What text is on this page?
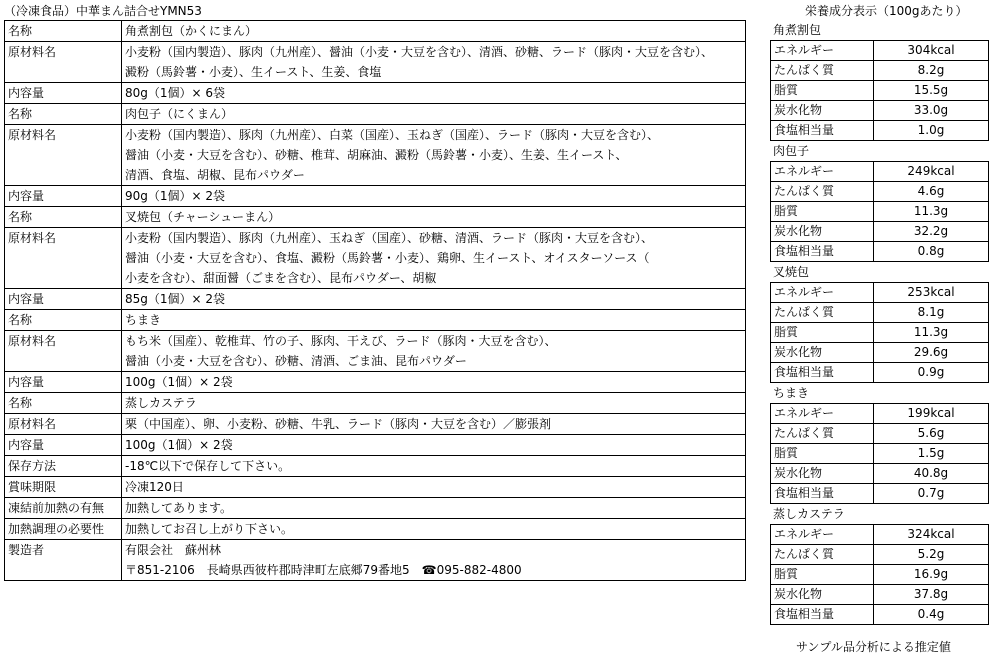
（冷凍食品）中華まん詰合せYMN53
名称	角煮割包（かくにまん）
原材料名	小麦粉（国内製造）、豚肉（九州産）、醤油（小麦・大豆を含む）、清酒、砂糖、ラード（豚肉・大豆を含む）、
	澱粉（馬鈴薯・小麦）、生イースト、生姜、食塩
内容量	80g（1個）× 6袋
名称	肉包子（にくまん）
原材料名	小麦粉（国内製造）、豚肉（九州産）、白菜（国産）、玉ねぎ（国産）、ラード（豚肉・大豆を含む）、
	醤油（小麦・大豆を含む）、砂糖、椎茸、胡麻油、澱粉（馬鈴薯・小麦）、生姜、生イースト、
	清酒、食塩、胡椒、昆布パウダー
内容量	90g（1個）× 2袋
名称	叉焼包（チャーシューまん）
原材料名	小麦粉（国内製造）、豚肉（九州産）、玉ねぎ（国産）、砂糖、清酒、ラード（豚肉・大豆を含む）、
	醤油（小麦・大豆を含む）、食塩、澱粉（馬鈴薯・小麦）、鶏卵、生イースト、オイスターソース（
	小麦を含む）、甜面醤（ごまを含む）、昆布パウダー、胡椒
内容量	85g（1個）× 2袋
名称	ちまき
原材料名	もち米（国産）、乾椎茸、竹の子、豚肉、干えび、ラード（豚肉・大豆を含む）、
	醤油（小麦・大豆を含む）、砂糖、清酒、ごま油、昆布パウダー
内容量	100g（1個）× 2袋
名称	蒸しカステラ
原材料名	栗（中国産）、卵、小麦粉、砂糖、牛乳、ラード（豚肉・大豆を含む）／膨張剤
内容量	100g（1個）× 2袋
保存方法	-18℃以下で保存して下さい。
賞味期限	冷凍120日
凍結前加熱の有無	加熱してあります。
加熱調理の必要性	加熱してお召し上がり下さい。
製造者	有限会社　蘇州林
	〒851-2106　長崎県西彼杵郡時津町左底郷79番地5　☎095-882-4800
栄養成分表示（100gあたり）
角煮割包
エネルギー	304kcal
たんぱく質	8.2g
脂質	15.5g
炭水化物	33.0g
食塩相当量	1.0g
肉包子
エネルギー	249kcal
たんぱく質	4.6g
脂質	11.3g
炭水化物	32.2g
食塩相当量	0.8g
叉焼包
エネルギー	253kcal
たんぱく質	8.1g
脂質	11.3g
炭水化物	29.6g
食塩相当量	0.9g
ちまき
エネルギー	199kcal
たんぱく質	5.6g
脂質	1.5g
炭水化物	40.8g
食塩相当量	0.7g
蒸しカステラ
エネルギー	324kcal
たんぱく質	5.2g
脂質	16.9g
炭水化物	37.8g
食塩相当量	0.4g
サンプル品分析による推定値
